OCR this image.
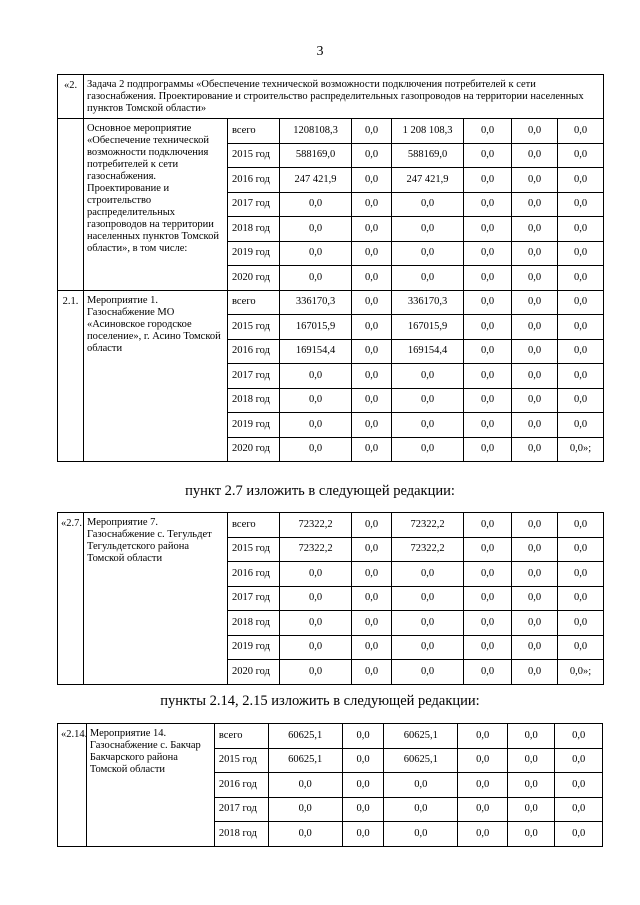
3
«2.	Задача 2 подпрограммы «Обеспечение технической возможности подключения потребителей к сети газоснабжения. Проектирование и строительство распределительных газопроводов на территории населенных пунктов Томской области»							
	Основное мероприятие «Обеспечение технической возможности подключения потребителей к сети газоснабжения. Проектирование и строительство распределительных газопроводов на территории населенных пунктов Томской области», в том числе:	всего	1208108,3	0,0	1 208 108,3	0,0	0,0	0,0
		2015 год	588169,0	0,0	588169,0	0,0	0,0	0,0
		2016 год	247 421,9	0,0	247 421,9	0,0	0,0	0,0
		2017 год	0,0	0,0	0,0	0,0	0,0	0,0
		2018 год	0,0	0,0	0,0	0,0	0,0	0,0
		2019 год	0,0	0,0	0,0	0,0	0,0	0,0
		2020 год	0,0	0,0	0,0	0,0	0,0	0,0
2.1.	Мероприятие 1. Газоснабжение МО «Асиновское городское поселение», г. Асино Томской области	всего	336170,3	0,0	336170,3	0,0	0,0	0,0
		2015 год	167015,9	0,0	167015,9	0,0	0,0	0,0
		2016 год	169154,4	0,0	169154,4	0,0	0,0	0,0
		2017 год	0,0	0,0	0,0	0,0	0,0	0,0
		2018 год	0,0	0,0	0,0	0,0	0,0	0,0
		2019 год	0,0	0,0	0,0	0,0	0,0	0,0
		2020 год	0,0	0,0	0,0	0,0	0,0	0,0»;
пункт 2.7 изложить в следующей редакции:
«2.7.	Мероприятие 7. Газоснабжение с. Тегульдет Тегульдетского района Томской области	всего	72322,2	0,0	72322,2	0,0	0,0	0,0
		2015 год	72322,2	0,0	72322,2	0,0	0,0	0,0
		2016 год	0,0	0,0	0,0	0,0	0,0	0,0
		2017 год	0,0	0,0	0,0	0,0	0,0	0,0
		2018 год	0,0	0,0	0,0	0,0	0,0	0,0
		2019 год	0,0	0,0	0,0	0,0	0,0	0,0
		2020 год	0,0	0,0	0,0	0,0	0,0	0,0»;
пункты 2.14, 2.15 изложить в следующей редакции:
«2.14.	Мероприятие 14. Газоснабжение с. Бакчар Бакчарского района Томской области	всего	60625,1	0,0	60625,1	0,0	0,0	0,0
		2015 год	60625,1	0,0	60625,1	0,0	0,0	0,0
		2016 год	0,0	0,0	0,0	0,0	0,0	0,0
		2017 год	0,0	0,0	0,0	0,0	0,0	0,0
		2018 год	0,0	0,0	0,0	0,0	0,0	0,0
